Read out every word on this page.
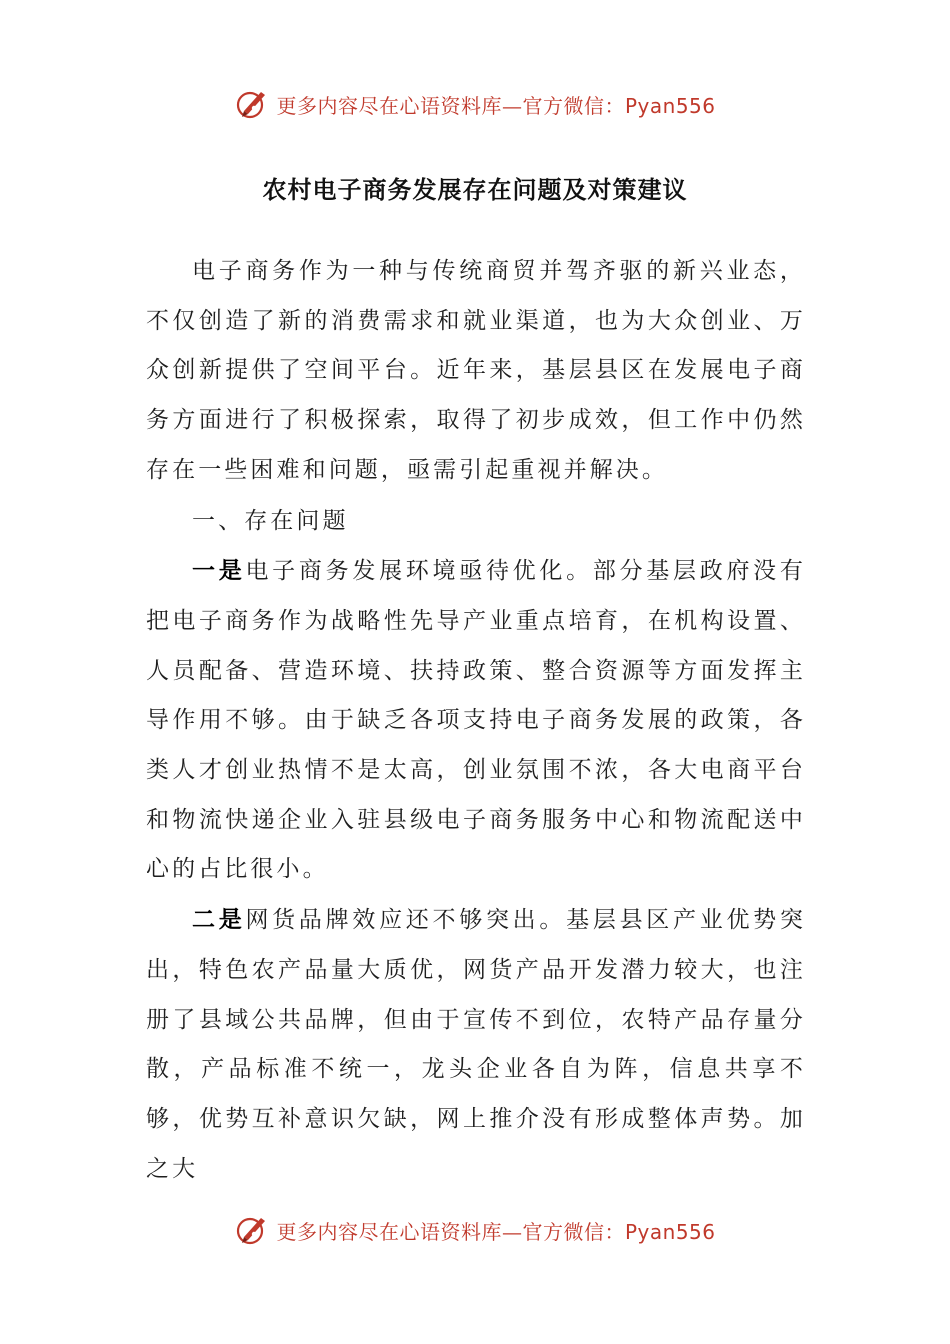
更多内容尽在心语资料库—官方微信：Pyan556
农村电子商务发展存在问题及对策建议

电子商务作为一种与传统商贸并驾齐驱的新兴业态，不仅创造了新的消费需求和就业渠道，也为大众创业、万众创新提供了空间平台。近年来，基层县区在发展电子商务方面进行了积极探索，取得了初步成效，但工作中仍然存在一些困难和问题，亟需引起重视并解决。

一、存在问题

一是电子商务发展环境亟待优化。部分基层政府没有把电子商务作为战略性先导产业重点培育，在机构设置、人员配备、营造环境、扶持政策、整合资源等方面发挥主导作用不够。由于缺乏各项支持电子商务发展的政策，各类人才创业热情不是太高，创业氛围不浓，各大电商平台和物流快递企业入驻县级电子商务服务中心和物流配送中心的占比很小。

二是网货品牌效应还不够突出。基层县区产业优势突出，特色农产品量大质优，网货产品开发潜力较大，也注册了县域公共品牌，但由于宣传不到位，农特产品存量分散，产品标准不统一，龙头企业各自为阵，信息共享不够，优势互补意识欠缺，网上推介没有形成整体声势。加之大

更多内容尽在心语资料库—官方微信：Pyan556
